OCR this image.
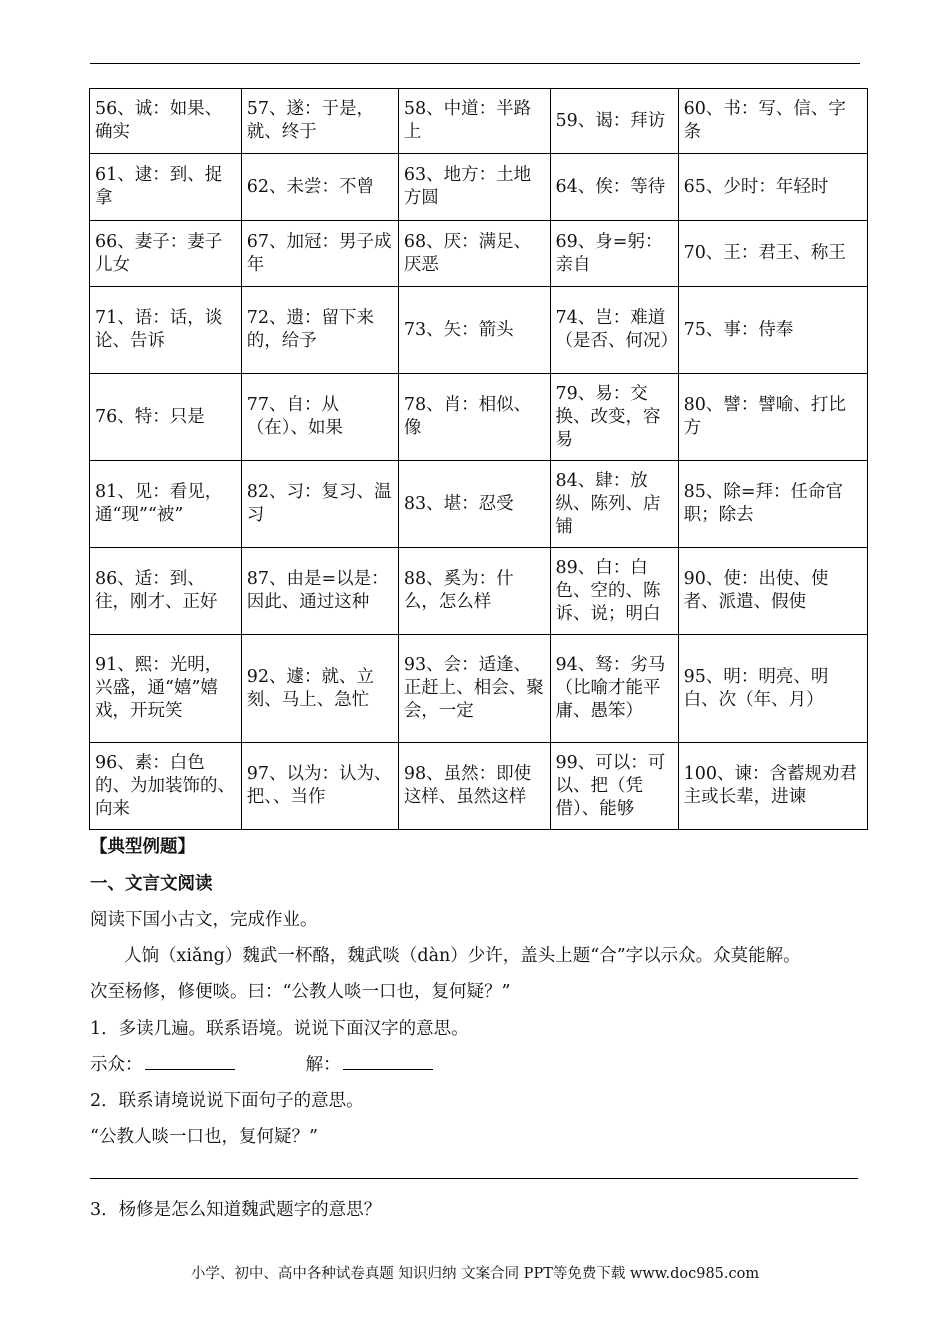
56、诚：如果、确实	57、遂：于是，就、终于	58、中道：半路上	59、谒：拜访	60、书：写、信、字条
61、逮：到、捉拿	62、未尝：不曾	63、地方：土地方圆	64、俟：等待	65、少时：年轻时
66、妻子：妻子儿女	67、加冠：男子成年	68、厌：满足、厌恶	69、身=躬：亲自	70、王：君王、称王
71、语：话，谈论、告诉	72、遗：留下来的，给予	73、矢：箭头	74、岂：难道（是否、何况）	75、事：侍奉
76、特：只是	77、自：从（在）、如果	78、肖：相似、像	79、易：交换、改变，容易	80、譬：譬喻、打比方
81、见：看见，通“现”“被”	82、习：复习、温习	83、堪：忍受	84、肆：放纵、陈列、店铺	85、除=拜：任命官职；除去
86、适：到、往，刚才、正好	87、由是=以是：因此、通过这种	88、奚为：什么，怎么样	89、白：白色、空的、陈诉、说；明白	90、使：出使、使者、派遣、假使
91、熙：光明，兴盛，通“嬉”嬉戏，开玩笑	92、遽：就、立刻、马上、急忙	93、会：适逢、正赶上、相会、聚会，一定	94、驽：劣马（比喻才能平庸、愚笨）	95、明：明亮、明白、次（年、月）
96、素：白色的、为加装饰的、向来	97、以为：认为、把、、当作	98、虽然：即使这样、虽然这样	99、可以：可以、把（凭借）、能够	100、谏：含蓄规劝君主或长辈，进谏
【典型例题】
一、文言文阅读
阅读下国小古文，完成作业。
人饷（xiǎng）魏武一杯酪，魏武啖（dàn）少许，盖头上题“合”字以示众。众莫能解。
次至杨修，修便啖。曰：“公教人啖一口也，复何疑？”
1．多读几遍。联系语境。说说下面汉字的意思。
示众：	解：
2．联系请境说说下面句子的意思。
“公教人啖一口也，复何疑？”
3．杨修是怎么知道魏武题字的意思？
小学、初中、高中各种试卷真题 知识归纳 文案合同 PPT等免费下载 www.doc985.com
